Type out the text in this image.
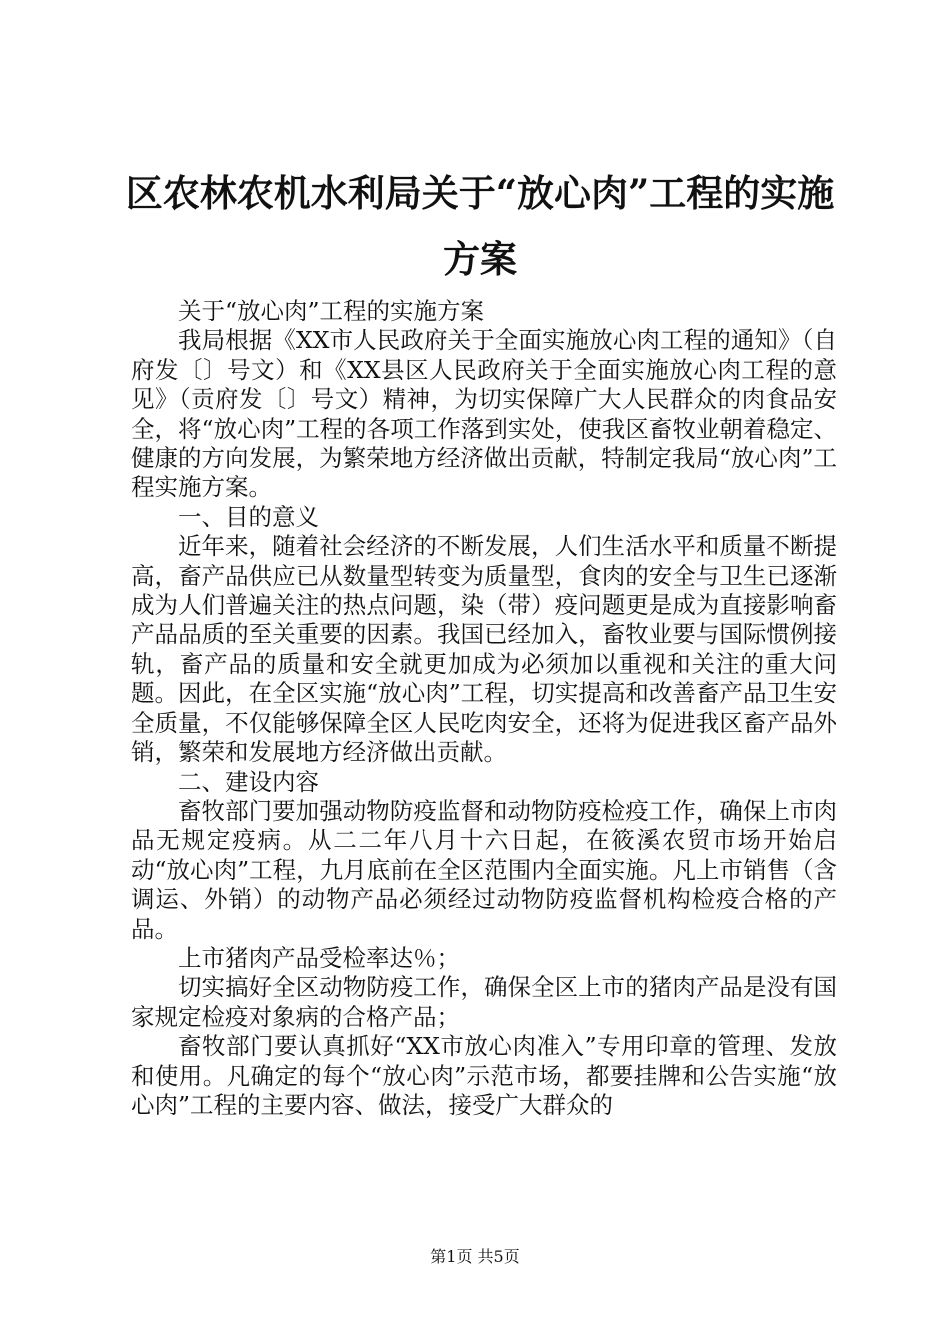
区农林农机水利局关于“放心肉”工程的实施方案

关于“放心肉”工程的实施方案

我局根据《XX市人民政府关于全面实施放心肉工程的通知》（自府发〔〕号文）和《XX县区人民政府关于全面实施放心肉工程的意见》（贡府发〔〕号文）精神，为切实保障广大人民群众的肉食品安全，将“放心肉”工程的各项工作落到实处，使我区畜牧业朝着稳定、健康的方向发展，为繁荣地方经济做出贡献，特制定我局“放心肉”工程实施方案。

一、目的意义

近年来，随着社会经济的不断发展，人们生活水平和质量不断提高，畜产品供应已从数量型转变为质量型，食肉的安全与卫生已逐渐成为人们普遍关注的热点问题，染（带）疫问题更是成为直接影响畜产品品质的至关重要的因素。我国已经加入，畜牧业要与国际惯例接轨，畜产品的质量和安全就更加成为必须加以重视和关注的重大问题。因此，在全区实施“放心肉”工程，切实提高和改善畜产品卫生安全质量，不仅能够保障全区人民吃肉安全，还将为促进我区畜产品外销，繁荣和发展地方经济做出贡献。

二、建设内容

畜牧部门要加强动物防疫监督和动物防疫检疫工作，确保上市肉品无规定疫病。从二二年八月十六日起，在筱溪农贸市场开始启动“放心肉”工程，九月底前在全区范围内全面实施。凡上市销售（含调运、外销）的动物产品必须经过动物防疫监督机构检疫合格的产品。

上市猪肉产品受检率达％；

切实搞好全区动物防疫工作，确保全区上市的猪肉产品是没有国家规定检疫对象病的合格产品；

畜牧部门要认真抓好“XX市放心肉准入”专用印章的管理、发放和使用。凡确定的每个“放心肉”示范市场，都要挂牌和公告实施“放心肉”工程的主要内容、做法，接受广大群众的

第1页 共5页
